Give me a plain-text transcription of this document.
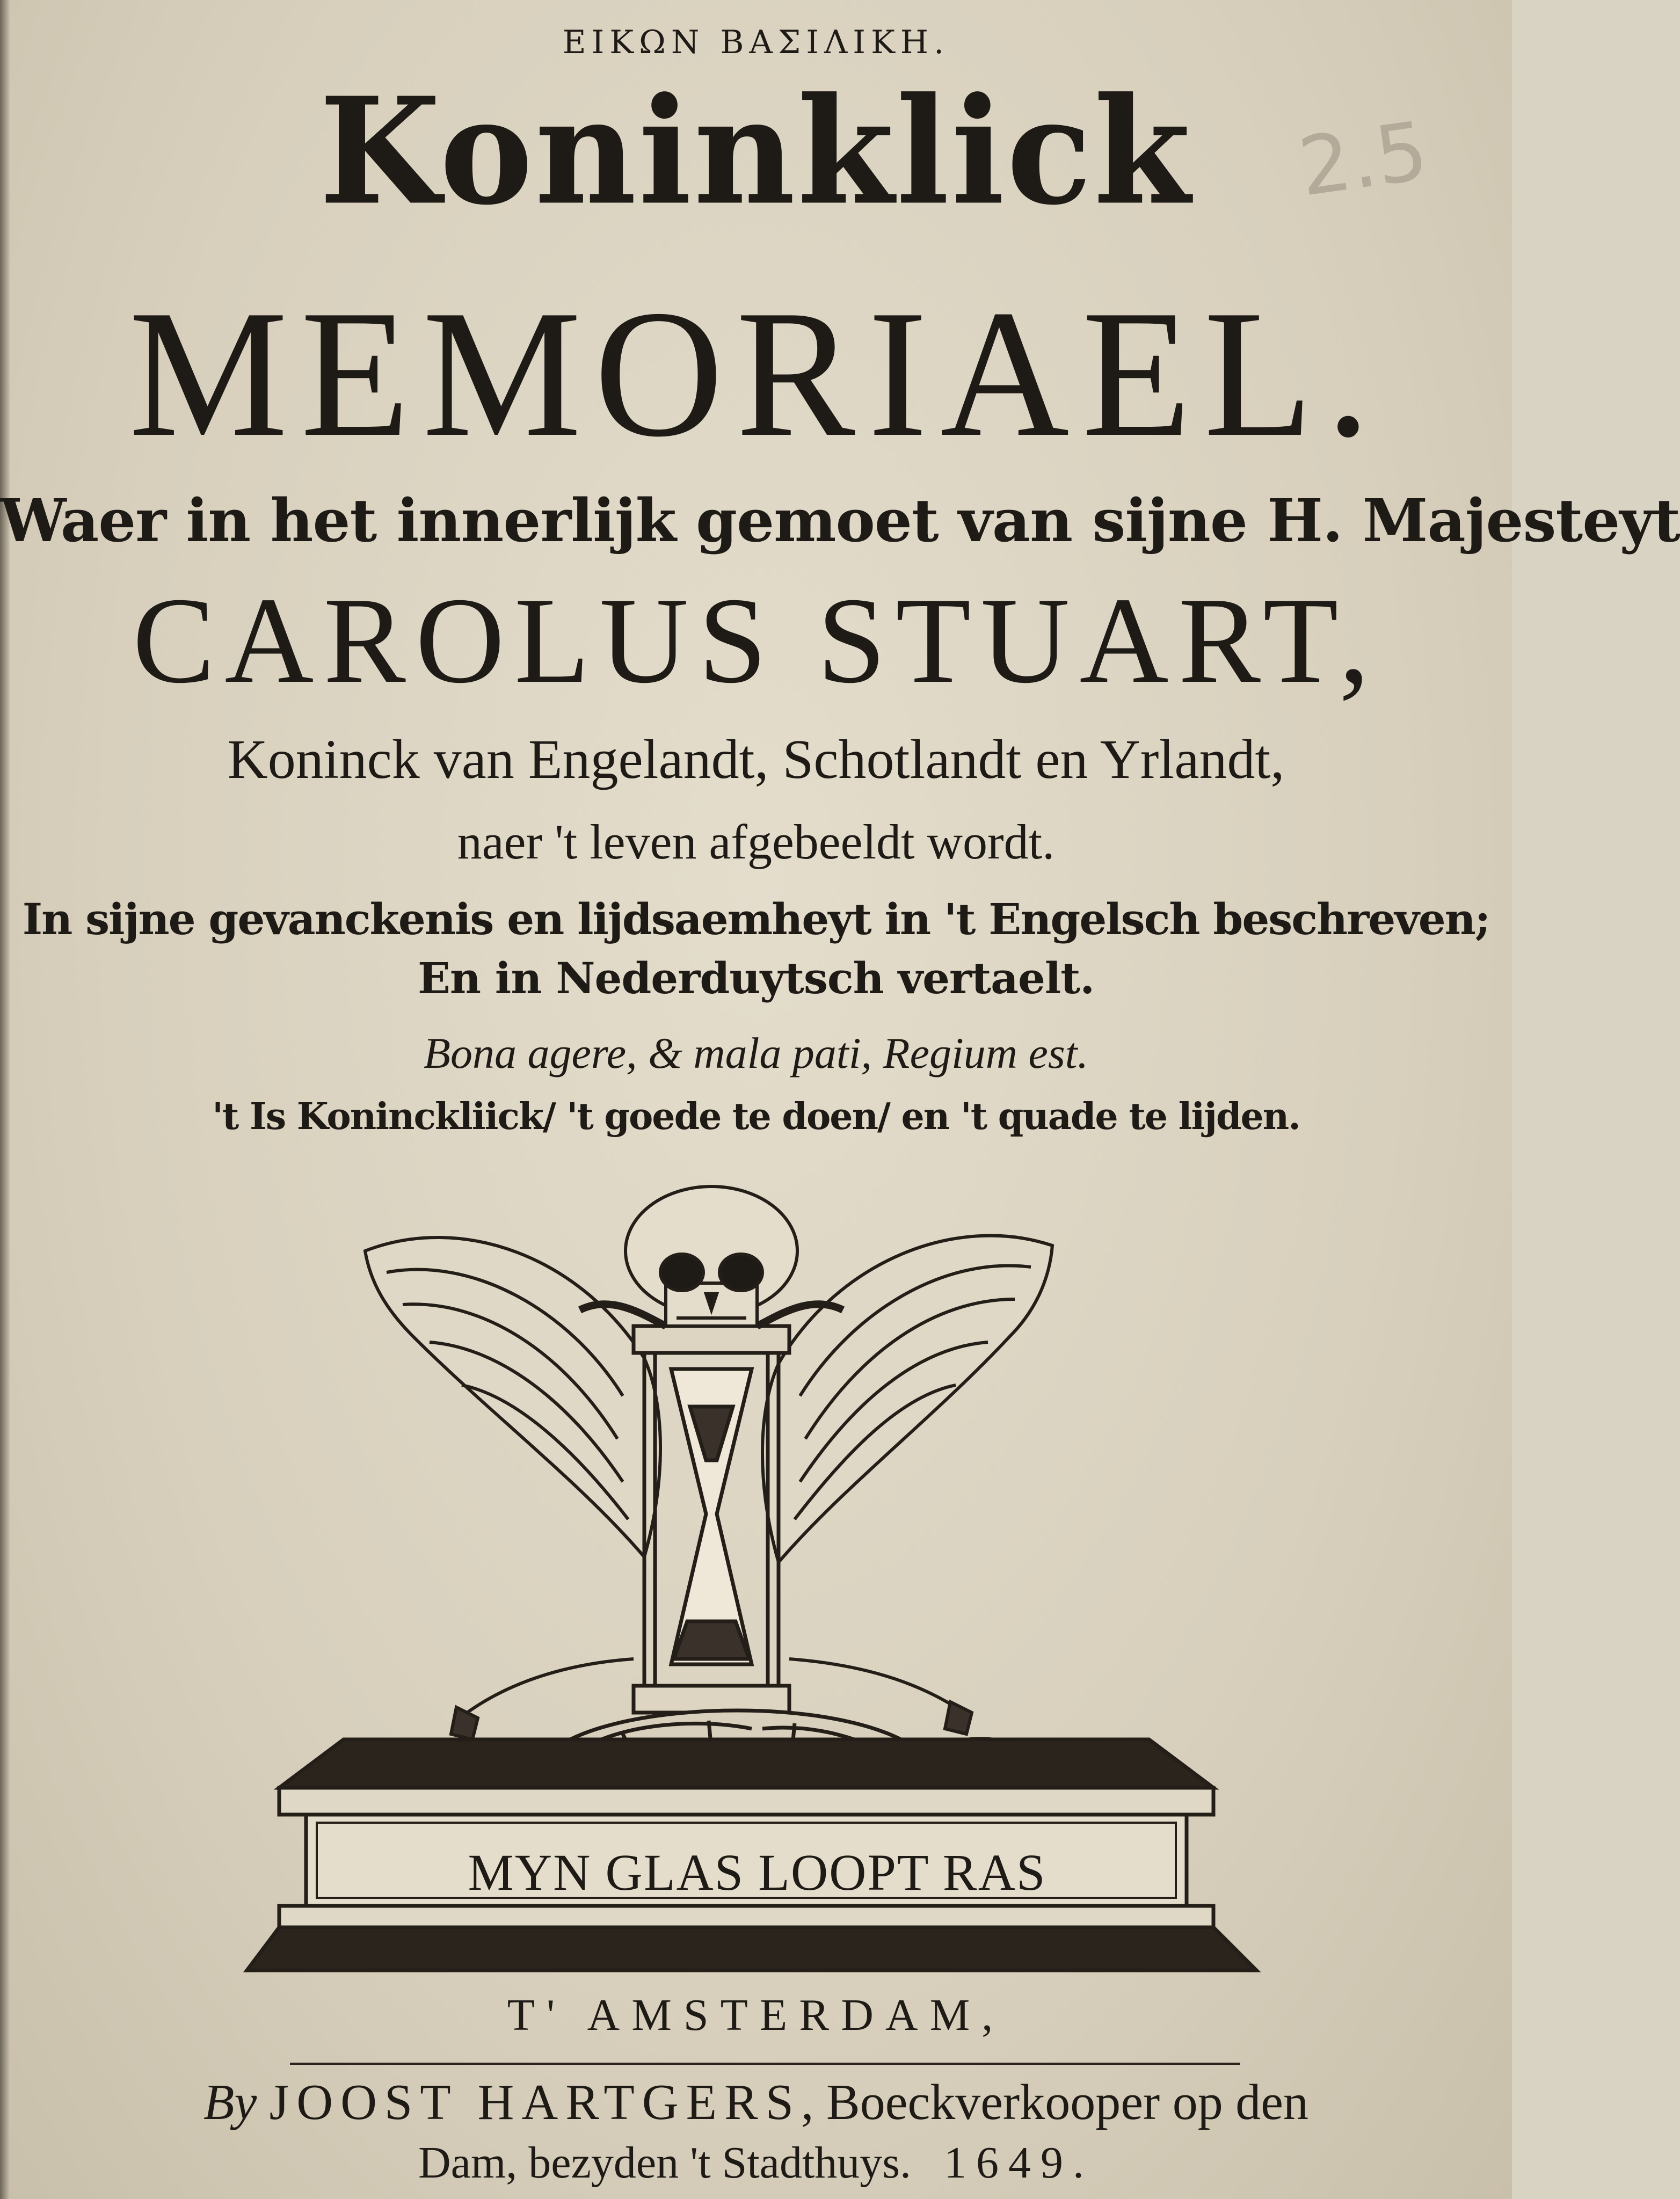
2.5
ΕΙΚΩΝ ΒΑΣΙΛΙΚΗ.
Koninklick
MEMORIAEL.
Waer in het innerlijk gemoet van sijne H. Majesteyt
CAROLUS STUART,
Koninck van Engelandt, Schotlandt en Yrlandt,
naer 't leven afgebeeldt wordt.
In sijne gevanckenis en lijdsaemheyt in 't Engelsch beschreven;
En in Nederduytsch vertaelt.
Bona agere, & mala pati, Regium est.
't Is Koninckliick/ 't goede te doen/ en 't quade te lijden.
MYN GLAS LOOPT RAS
T' AMSTERDAM,
By JOOST HARTGERS, Boeckverkooper op den
Dam, bezyden 't Stadthuys. 1649.
